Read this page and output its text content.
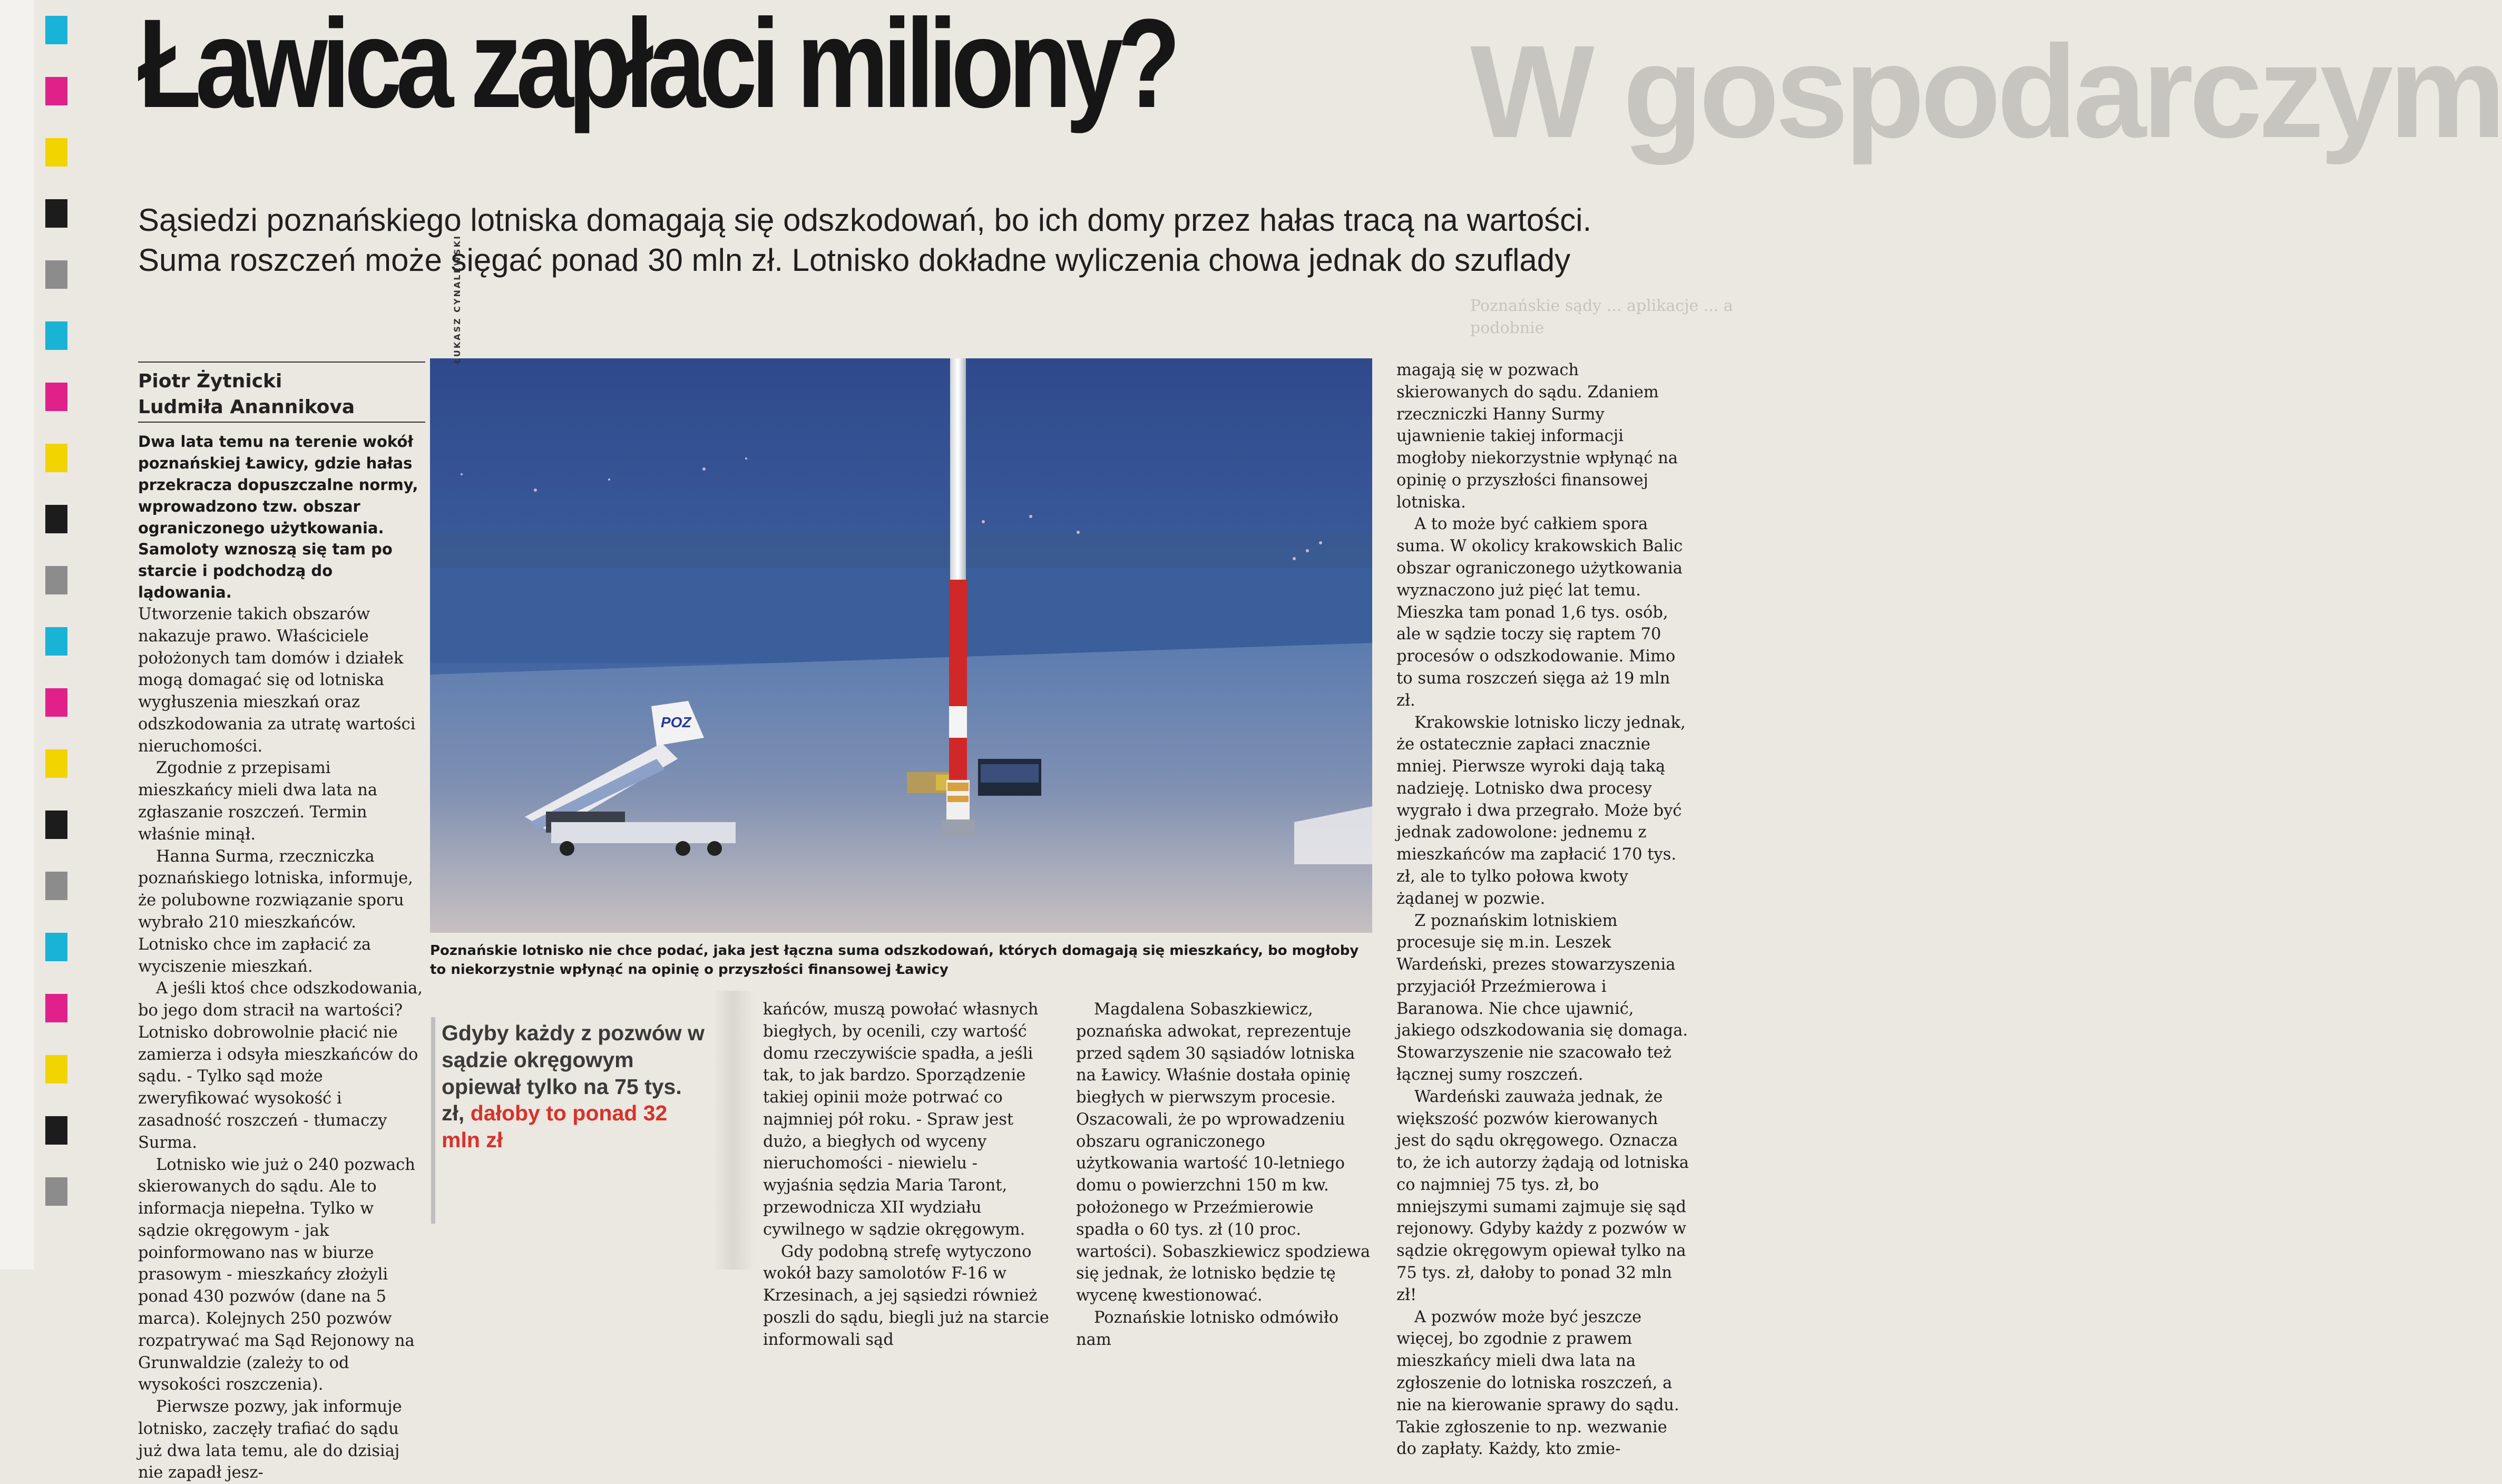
W gospodarczym
Poznańskie sądy ... aplikacje ... a podobnie
Ławica zapłaci miliony?
Sąsiedzi poznańskiego lotniska domagają się odszkodowań, bo ich domy przez hałas tracą na wartości. Suma roszczeń może sięgać ponad 30 mln zł. Lotnisko dokładne wyliczenia chowa jednak do szuflady
Piotr Żytnicki
Ludmiła Anannikova
Dwa lata temu na terenie wokół poznańskiej Ławicy, gdzie hałas przekracza dopuszczalne normy, wprowadzono tzw. obszar ograniczonego użytkowania. Samoloty wznoszą się tam po starcie i podchodzą do lądowania.

Utworzenie takich obszarów nakazuje prawo. Właściciele położonych tam domów i działek mogą domagać się od lotniska wygłuszenia mieszkań oraz odszkodowania za utratę wartości nieruchomości.

Zgodnie z przepisami mieszkańcy mieli dwa lata na zgłaszanie roszczeń. Termin właśnie minął.

Hanna Surma, rzeczniczka poznańskiego lotniska, informuje, że polubowne rozwiązanie sporu wybrało 210 mieszkańców. Lotnisko chce im zapłacić za wyciszenie mieszkań.

A jeśli ktoś chce odszkodowania, bo jego dom stracił na wartości? Lotnisko dobrowolnie płacić nie zamierza i odsyła mieszkańców do sądu. - Tylko sąd może zweryfikować wysokość i zasadność roszczeń - tłumaczy Surma.

Lotnisko wie już o 240 pozwach skierowanych do sądu. Ale to informacja niepełna. Tylko w sądzie okręgowym - jak poinformowano nas w biurze prasowym - mieszkańcy złożyli ponad 430 pozwów (dane na 5 marca). Kolejnych 250 pozwów rozpatrywać ma Sąd Rejonowy na Grunwaldzie (zależy to od wysokości roszczenia).

Pierwsze pozwy, jak informuje lotnisko, zaczęły trafiać do sądu już dwa lata temu, ale do dzisiaj nie zapadł jesz-

POZ
ŁUKASZ CYNALEWSKI
Poznańskie lotnisko nie chce podać, jaka jest łączna suma odszkodowań, których domagają się mieszkańcy, bo mogłoby to niekorzystnie wpłynąć na opinię o przyszłości finansowej Ławicy
Gdyby każdy z pozwów w sądzie okręgowym opiewał tylko na 75 tys. zł, dałoby to ponad 32 mln zł

kańców, muszą powołać własnych biegłych, by ocenili, czy wartość domu rzeczywiście spadła, a jeśli tak, to jak bardzo. Sporządzenie takiej opinii może potrwać co najmniej pół roku. - Spraw jest dużo, a biegłych od wyceny nieruchomości - niewielu - wyjaśnia sędzia Maria Taront, przewodnicza XII wydziału cywilnego w sądzie okręgowym.

Gdy podobną strefę wytyczono wokół bazy samolotów F-16 w Krzesinach, a jej sąsiedzi również poszli do sądu, biegli już na starcie informowali sąd

Magdalena Sobaszkiewicz, poznańska adwokat, reprezentuje przed sądem 30 sąsiadów lotniska na Ławicy. Właśnie dostała opinię biegłych w pierwszym procesie. Oszacowali, że po wprowadzeniu obszaru ograniczonego użytkowania wartość 10-letniego domu o powierzchni 150 m kw. położonego w Przeźmierowie spadła o 60 tys. zł (10 proc. wartości). Sobaszkiewicz spodziewa się jednak, że lotnisko będzie tę wycenę kwestionować.

Poznańskie lotnisko odmówiło nam

magają się w pozwach skierowanych do sądu. Zdaniem rzeczniczki Hanny Surmy ujawnienie takiej informacji mogłoby niekorzystnie wpłynąć na opinię o przyszłości finansowej lotniska.

A to może być całkiem spora suma. W okolicy krakowskich Balic obszar ograniczonego użytkowania wyznaczono już pięć lat temu. Mieszka tam ponad 1,6 tys. osób, ale w sądzie toczy się raptem 70 procesów o odszkodowanie. Mimo to suma roszczeń sięga aż 19 mln zł.

Krakowskie lotnisko liczy jednak, że ostatecznie zapłaci znacznie mniej. Pierwsze wyroki dają taką nadzieję. Lotnisko dwa procesy wygrało i dwa przegrało. Może być jednak zadowolone: jednemu z mieszkańców ma zapłacić 170 tys. zł, ale to tylko połowa kwoty żądanej w pozwie.

Z poznańskim lotniskiem procesuje się m.in. Leszek Wardeński, prezes stowarzyszenia przyjaciół Przeźmierowa i Baranowa. Nie chce ujawnić, jakiego odszkodowania się domaga. Stowarzyszenie nie szacowało też łącznej sumy roszczeń.

Wardeński zauważa jednak, że większość pozwów kierowanych jest do sądu okręgowego. Oznacza to, że ich autorzy żądają od lotniska co najmniej 75 tys. zł, bo mniejszymi sumami zajmuje się sąd rejonowy. Gdyby każdy z pozwów w sądzie okręgowym opiewał tylko na 75 tys. zł, dałoby to ponad 32 mln zł!

A pozwów może być jeszcze więcej, bo zgodnie z prawem mieszkańcy mieli dwa lata na zgłoszenie do lotniska roszczeń, a nie na kierowanie sprawy do sądu. Takie zgłoszenie to np. wezwanie do zapłaty. Każdy, kto zmie-
